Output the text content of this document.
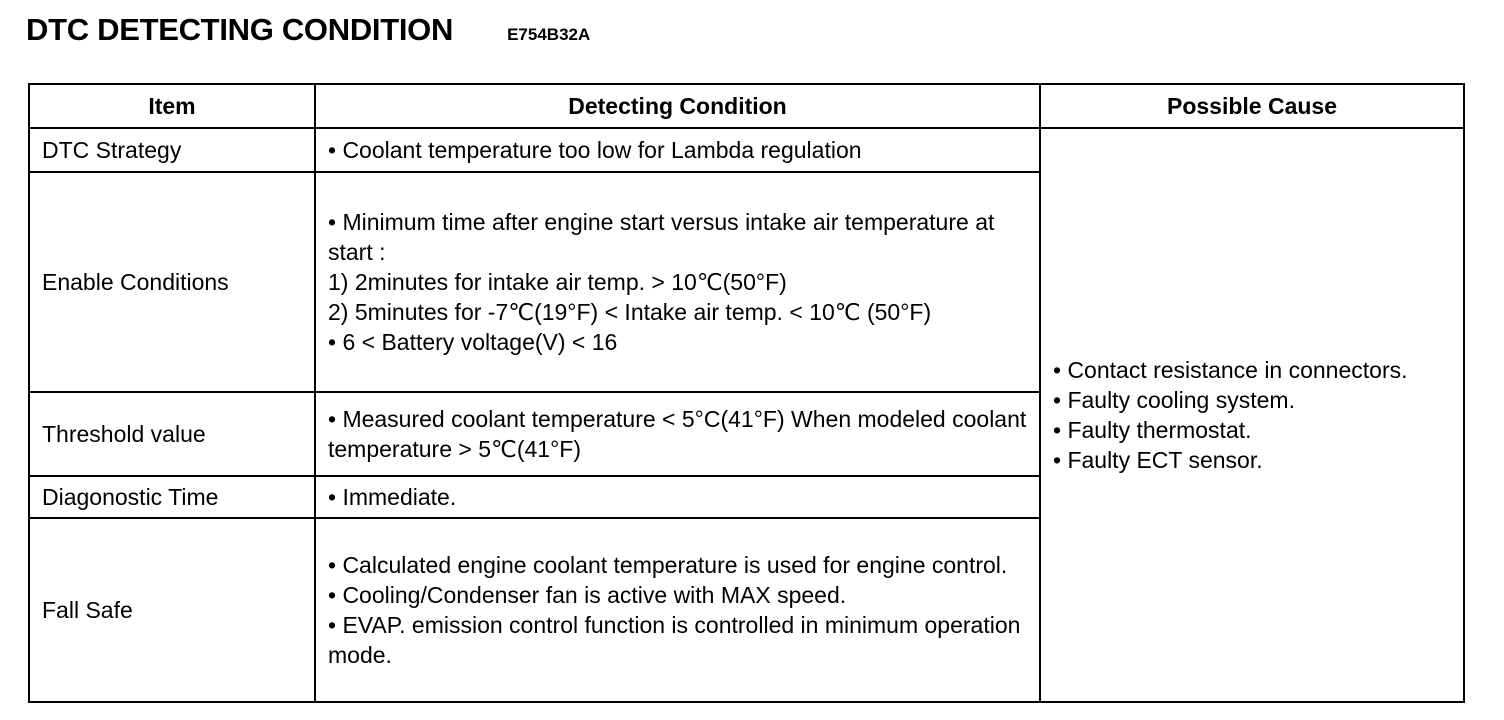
DTC DETECTING CONDITION	E754B32A
Item	Detecting Condition	Possible Cause
DTC Strategy	• Coolant temperature too low for Lambda regulation	• Contact resistance in connectors.
• Faulty cooling system.
• Faulty thermostat.
• Faulty ECT sensor.

Enable Conditions	• Minimum time after engine start versus intake air temperature at start :
1) 2minutes for intake air temp. > 10℃(50°F)
2) 5minutes for -7℃(19°F) < Intake air temp. < 10℃ (50°F)
• 6 < Battery voltage(V) < 16	

Threshold value	• Measured coolant temperature < 5°C(41°F) When modeled coolant temperature > 5℃(41°F)	

Diagonostic Time	• Immediate.	

Fall Safe	• Calculated engine coolant temperature is used for engine control.
• Cooling/Condenser fan is active with MAX speed.
• EVAP. emission control function is controlled in minimum operation mode.	
